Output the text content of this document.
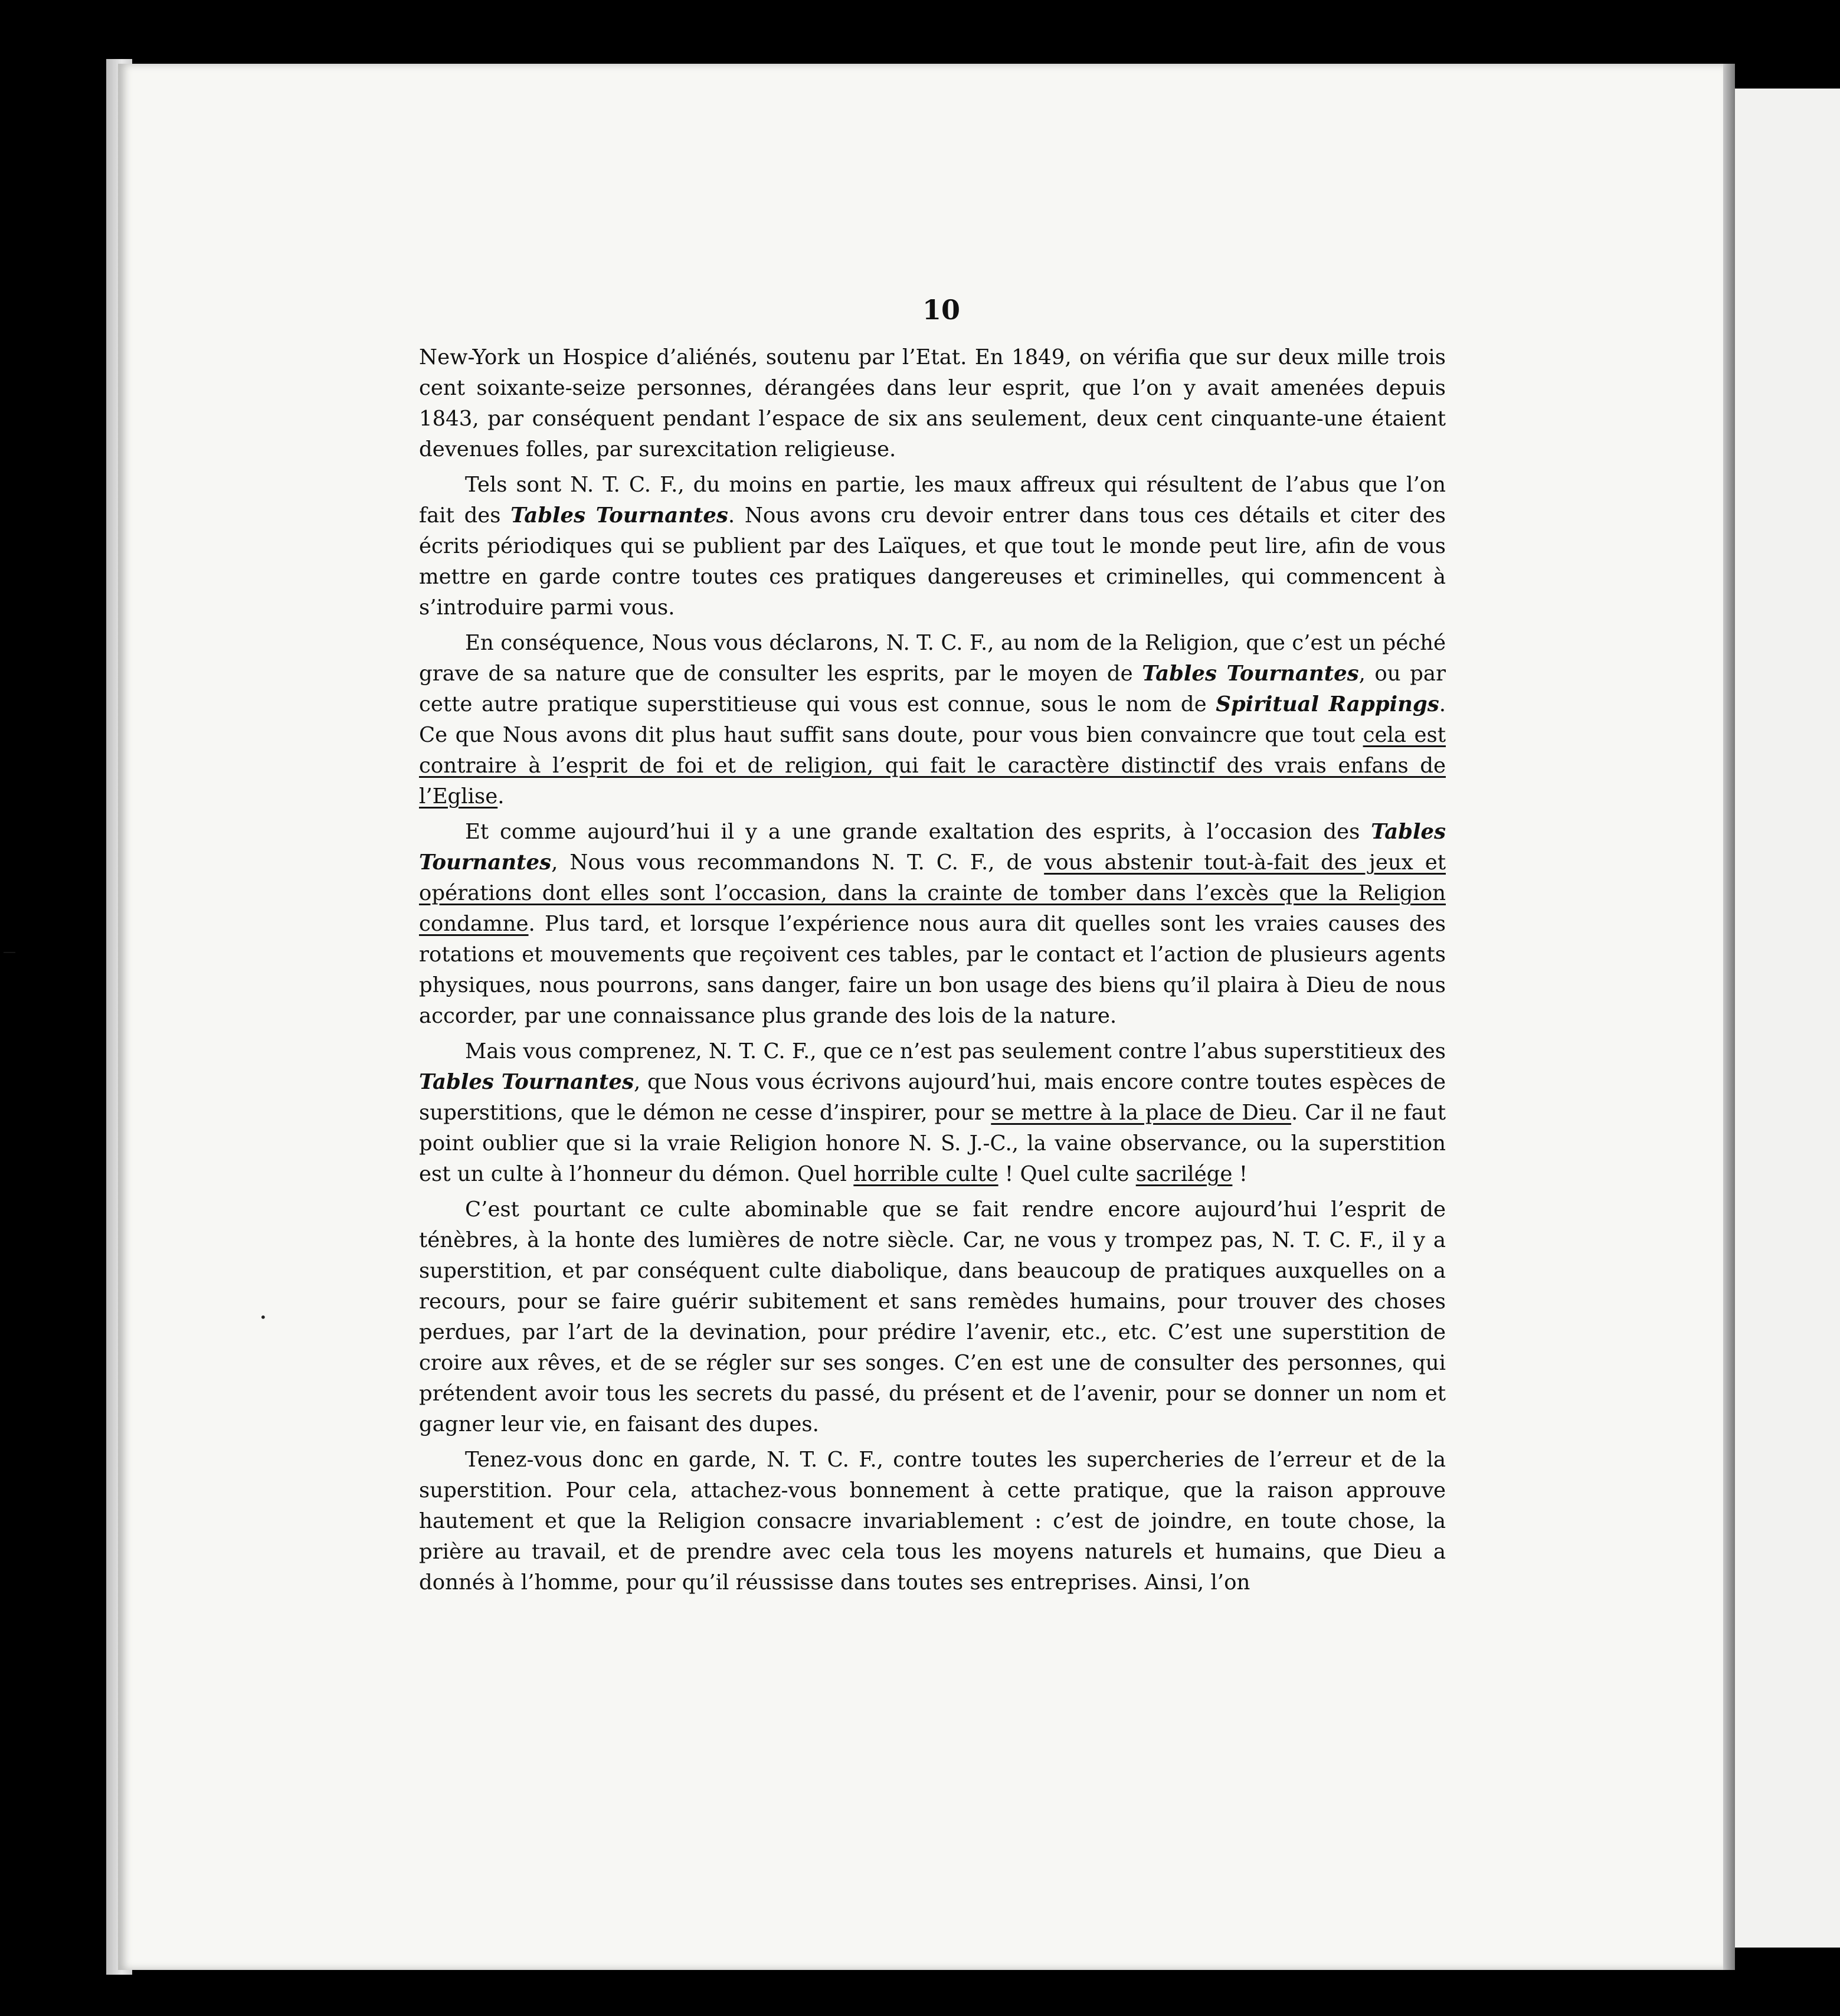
10

New-York un Hospice d’aliénés, soutenu par l’Etat. En 1849, on vérifia que sur deux mille trois cent soixante-seize personnes, dérangées dans leur esprit, que l’on y avait amenées depuis 1843, par conséquent pendant l’espace de six ans seulement, deux cent cinquante-une étaient devenues folles, par surexcitation religieuse.

Tels sont N. T. C. F., du moins en partie, les maux affreux qui résultent de l’abus que l’on fait des Tables Tournantes. Nous avons cru devoir entrer dans tous ces détails et citer des écrits périodiques qui se publient par des Laïques, et que tout le monde peut lire, afin de vous mettre en garde contre toutes ces pratiques dangereuses et criminelles, qui commencent à s’introduire parmi vous.

En conséquence, Nous vous déclarons, N. T. C. F., au nom de la Religion, que c’est un péché grave de sa nature que de consulter les esprits, par le moyen de Tables Tournantes, ou par cette autre pratique superstitieuse qui vous est connue, sous le nom de Spiritual Rappings. Ce que Nous avons dit plus haut suffit sans doute, pour vous bien convaincre que tout cela est contraire à l’esprit de foi et de religion, qui fait le caractère distinctif des vrais enfans de l’Eglise.

Et comme aujourd’hui il y a une grande exaltation des esprits, à l’occasion des Tables Tournantes, Nous vous recommandons N. T. C. F., de vous abstenir tout-à-fait des jeux et opérations dont elles sont l’occasion, dans la crainte de tomber dans l’excès que la Religion condamne. Plus tard, et lorsque l’expérience nous aura dit quelles sont les vraies causes des rotations et mouvements que reçoivent ces tables, par le contact et l’action de plusieurs agents physiques, nous pourrons, sans danger, faire un bon usage des biens qu’il plaira à Dieu de nous accorder, par une connaissance plus grande des lois de la nature.

Mais vous comprenez, N. T. C. F., que ce n’est pas seulement contre l’abus superstitieux des Tables Tournantes, que Nous vous écrivons aujourd’hui, mais encore contre toutes espèces de superstitions, que le démon ne cesse d’inspirer, pour se mettre à la place de Dieu. Car il ne faut point oublier que si la vraie Religion honore N. S. J.-C., la vaine observance, ou la superstition est un culte à l’honneur du démon. Quel horrible culte ! Quel culte sacrilége !

C’est pourtant ce culte abominable que se fait rendre encore aujourd’hui l’esprit de ténèbres, à la honte des lumières de notre siècle. Car, ne vous y trompez pas, N. T. C. F., il y a superstition, et par conséquent culte diabolique, dans beaucoup de pratiques auxquelles on a recours, pour se faire guérir subitement et sans remèdes humains, pour trouver des choses perdues, par l’art de la devination, pour prédire l’avenir, etc., etc. C’est une superstition de croire aux rêves, et de se régler sur ses songes. C’en est une de consulter des personnes, qui prétendent avoir tous les secrets du passé, du présent et de l’avenir, pour se donner un nom et gagner leur vie, en faisant des dupes.

Tenez-vous donc en garde, N. T. C. F., contre toutes les supercheries de l’erreur et de la superstition. Pour cela, attachez-vous bonnement à cette pratique, que la raison approuve hautement et que la Religion consacre invariablement : c’est de joindre, en toute chose, la prière au travail, et de prendre avec cela tous les moyens naturels et humains, que Dieu a donnés à l’homme, pour qu’il réussisse dans toutes ses entreprises. Ainsi, l’on

―
•
